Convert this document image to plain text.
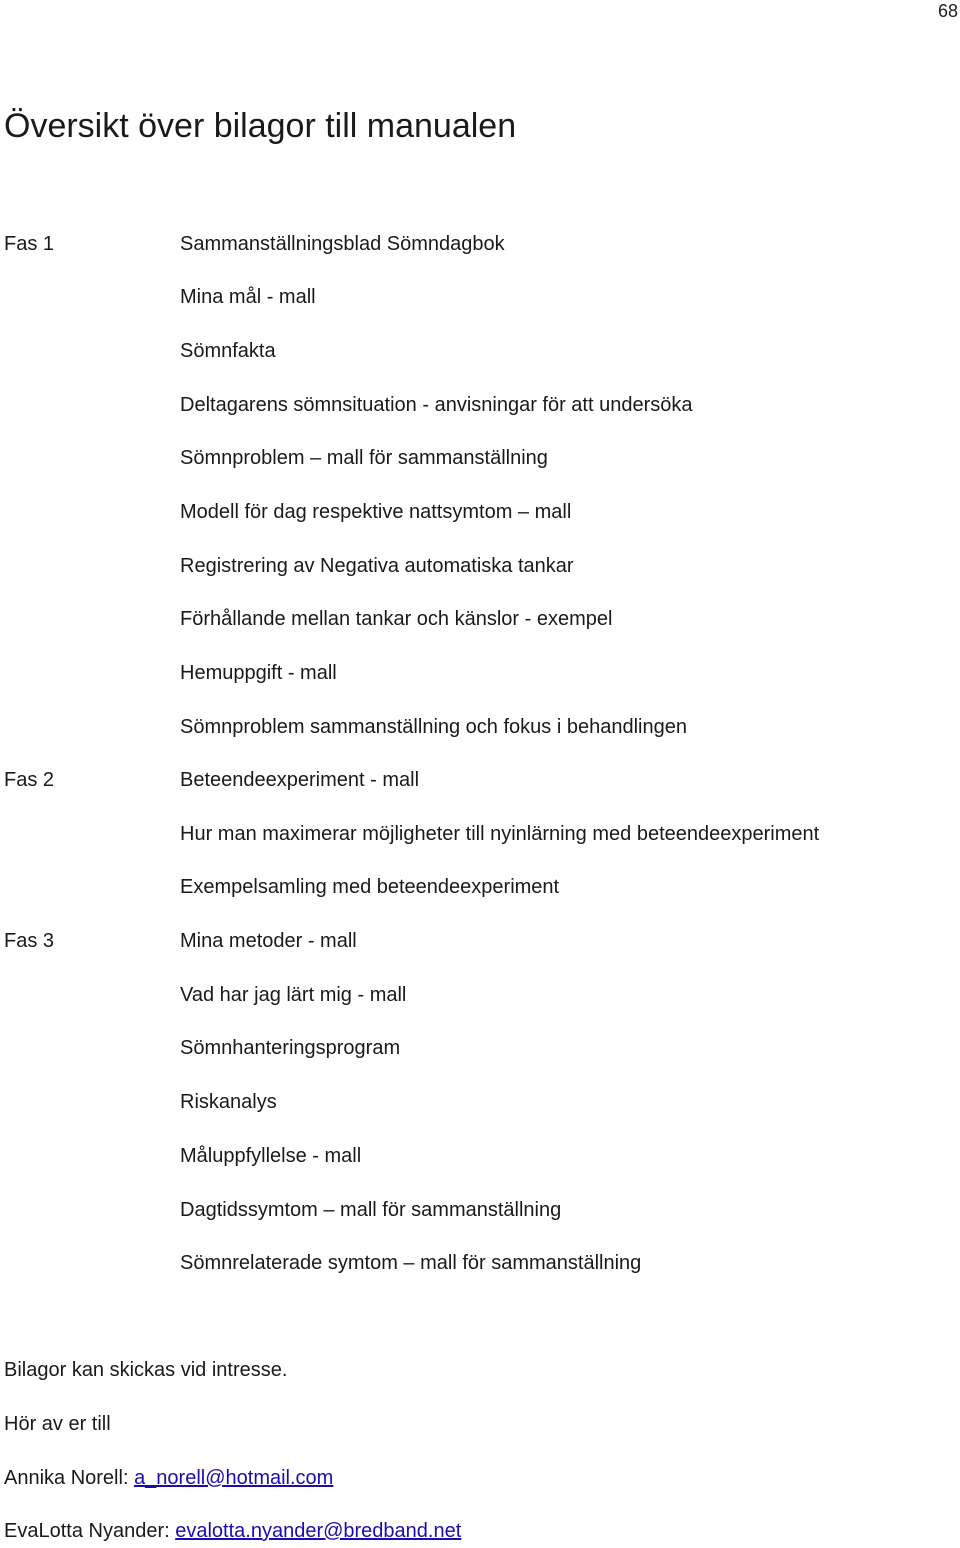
68
Översikt över bilagor till manualen
Fas 1	Sammanställningsblad Sömndagbok
Mina mål - mall
Sömnfakta
Deltagarens sömnsituation - anvisningar för att undersöka
Sömnproblem – mall för sammanställning
Modell för dag respektive nattsymtom – mall
Registrering av Negativa automatiska tankar
Förhållande mellan tankar och känslor - exempel
Hemuppgift - mall
Sömnproblem sammanställning och fokus i behandlingen
Fas 2	Beteendeexperiment - mall
Hur man maximerar möjligheter till nyinlärning med beteendeexperiment
Exempelsamling med beteendeexperiment
Fas 3	Mina metoder - mall
Vad har jag lärt mig - mall
Sömnhanteringsprogram
Riskanalys
Måluppfyllelse - mall
Dagtidssymtom – mall för sammanställning
Sömnrelaterade symtom – mall för sammanställning
Bilagor kan skickas vid intresse.
Hör av er till
Annika Norell: a_norell@hotmail.com
EvaLotta Nyander: evalotta.nyander@bredband.net
